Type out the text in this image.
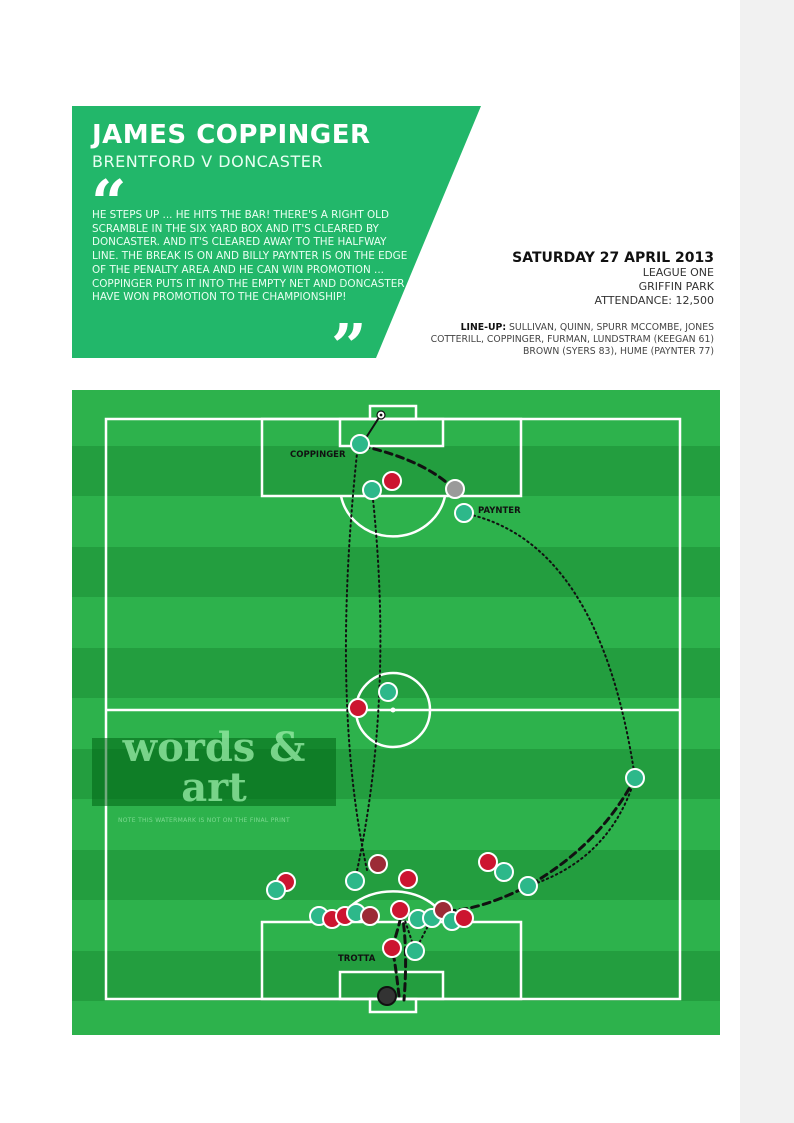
JAMES COPPINGER
BRENTFORD V DONCASTER
“
HE STEPS UP ... HE HITS THE BAR! THERE'S A RIGHT OLD SCRAMBLE IN THE SIX YARD BOX AND IT'S CLEARED BY DONCASTER. AND IT'S CLEARED AWAY TO THE HALFWAY LINE. THE BREAK IS ON AND BILLY PAYNTER IS ON THE EDGE OF THE PENALTY AREA AND HE CAN WIN PROMOTION ... COPPINGER PUTS IT INTO THE EMPTY NET AND DONCASTER HAVE WON PROMOTION TO THE CHAMPIONSHIP!
”
SATURDAY 27 APRIL 2013
LEAGUE ONE
GRIFFIN PARK
ATTENDANCE: 12,500
LINE-UP: SULLIVAN, QUINN, SPURR MCCOMBE, JONES
COTTERILL, COPPINGER, FURMAN, LUNDSTRAM (KEEGAN 61)
BROWN (SYERS 83), HUME (PAYNTER 77)
COPPINGER
PAYNTER
TROTTA
words & art
NOTE THIS WATERMARK IS NOT ON THE FINAL PRINT
